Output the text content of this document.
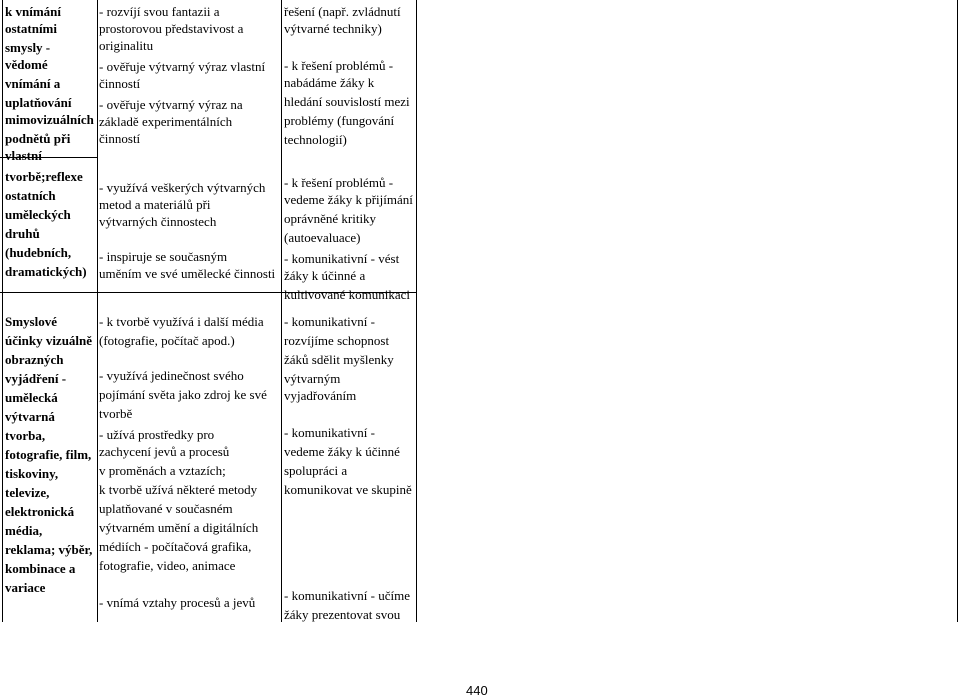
k vnímání
ostatními
smysly -
vědomé
vnímání a
uplatňování
mimovizuálních
podnětů při
vlastní
tvorbě;reflexe
ostatních
uměleckých
druhů
(hudebních,
dramatických)
- rozvíjí svou fantazii a
prostorovou představivost a
originalitu
- ověřuje výtvarný výraz vlastní
činností
- ověřuje výtvarný výraz na
základě experimentálních
činností
- využívá veškerých výtvarných
metod a materiálů při
výtvarných činnostech
- inspiruje se současným
uměním ve své umělecké činnosti
řešení (např. zvládnutí
výtvarné techniky)
- k řešení problémů -
nabádáme žáky k
hledání souvislostí mezi
problémy (fungování
technologií)
- k řešení problémů -
vedeme žáky k přijímání
oprávněné kritiky
(autoevaluace)
- komunikativní - vést
žáky k účinné a
kultivované komunikaci
Smyslové
účinky vizuálně
obrazných
vyjádření -
umělecká
výtvarná
tvorba,
fotografie, film,
tiskoviny,
televize,
elektronická
média,
reklama; výběr,
kombinace a
variace
- k tvorbě využívá i další média
(fotografie, počítač apod.)
- využívá jedinečnost svého
pojímání světa jako zdroj ke své
tvorbě
- užívá prostředky pro
zachycení jevů a procesů
v proměnách a vztazích;
k tvorbě užívá některé metody
uplatňované v současném
výtvarném umění a digitálních
médiích - počítačová grafika,
fotografie, video, animace
- vnímá vztahy procesů a jevů
- komunikativní -
rozvíjíme schopnost
žáků sdělit myšlenky
výtvarným
vyjadřováním
- komunikativní -
vedeme žáky k účinné
spolupráci a
komunikovat ve skupině
- komunikativní - učíme
žáky prezentovat svou
440
